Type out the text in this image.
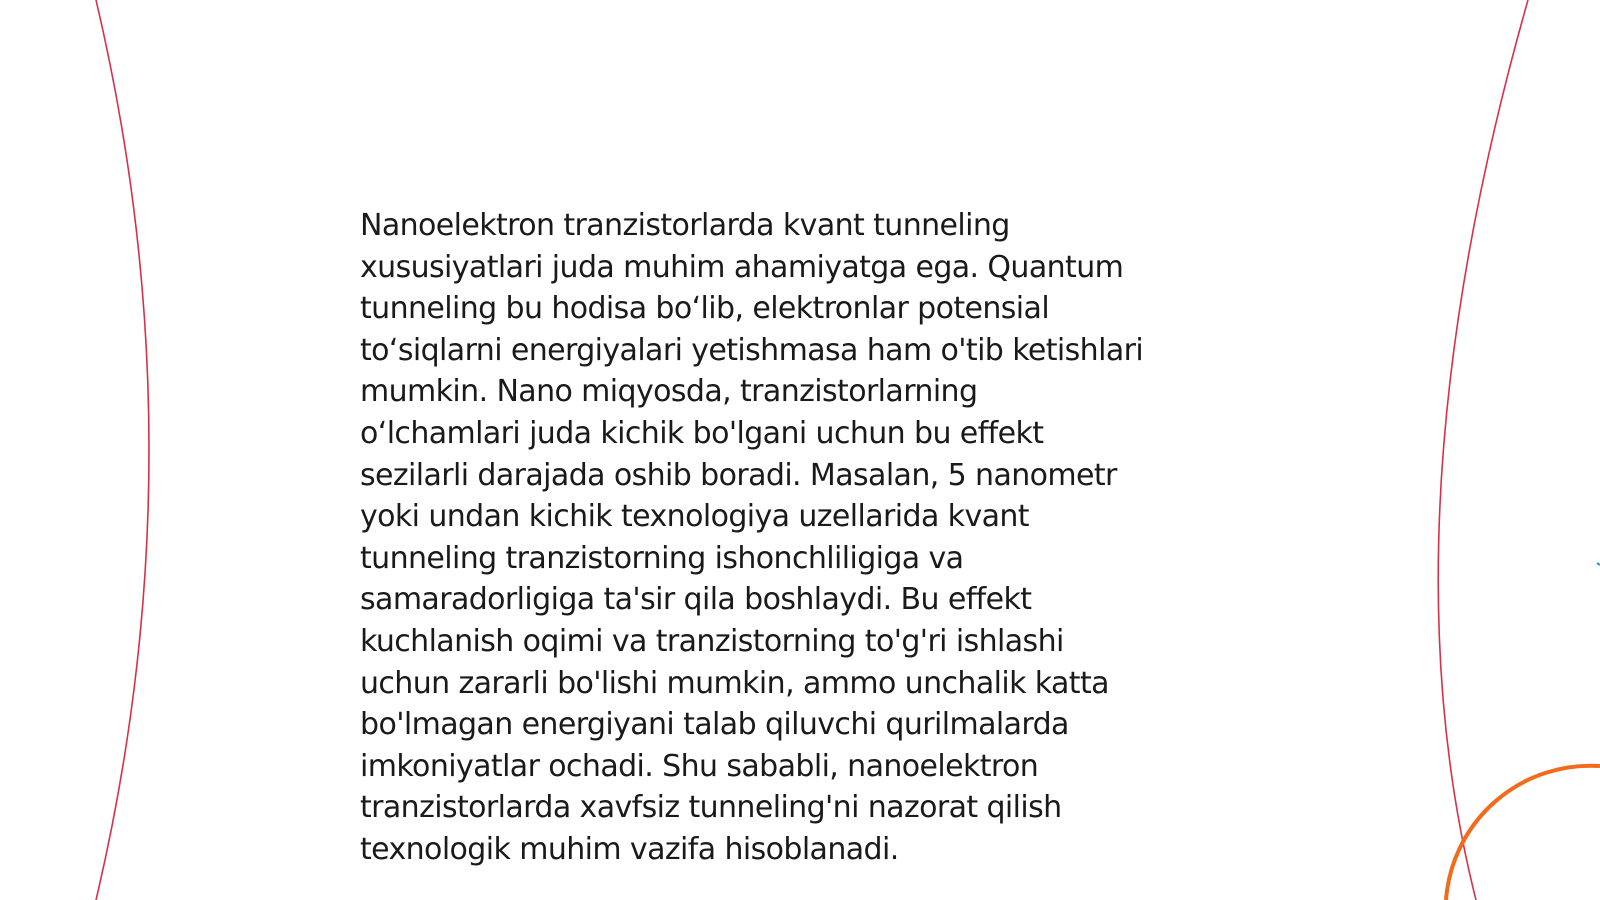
Nanoelektron tranzistorlarda kvant tunneling
xususiyatlari juda muhim ahamiyatga ega. Quantum
tunneling bu hodisa bo‘lib, elektronlar potensial
to‘siqlarni energiyalari yetishmasa ham o'tib ketishlari
mumkin. Nano miqyosda, tranzistorlarning
o‘lchamlari juda kichik bo'lgani uchun bu effekt
sezilarli darajada oshib boradi. Masalan, 5 nanometr
yoki undan kichik texnologiya uzellarida kvant
tunneling tranzistorning ishonchliligiga va
samaradorligiga ta'sir qila boshlaydi. Bu effekt
kuchlanish oqimi va tranzistorning to'g'ri ishlashi
uchun zararli bo'lishi mumkin, ammo unchalik katta
bo'lmagan energiyani talab qiluvchi qurilmalarda
imkoniyatlar ochadi. Shu sababli, nanoelektron
tranzistorlarda xavfsiz tunneling'ni nazorat qilish
texnologik muhim vazifa hisoblanadi.
